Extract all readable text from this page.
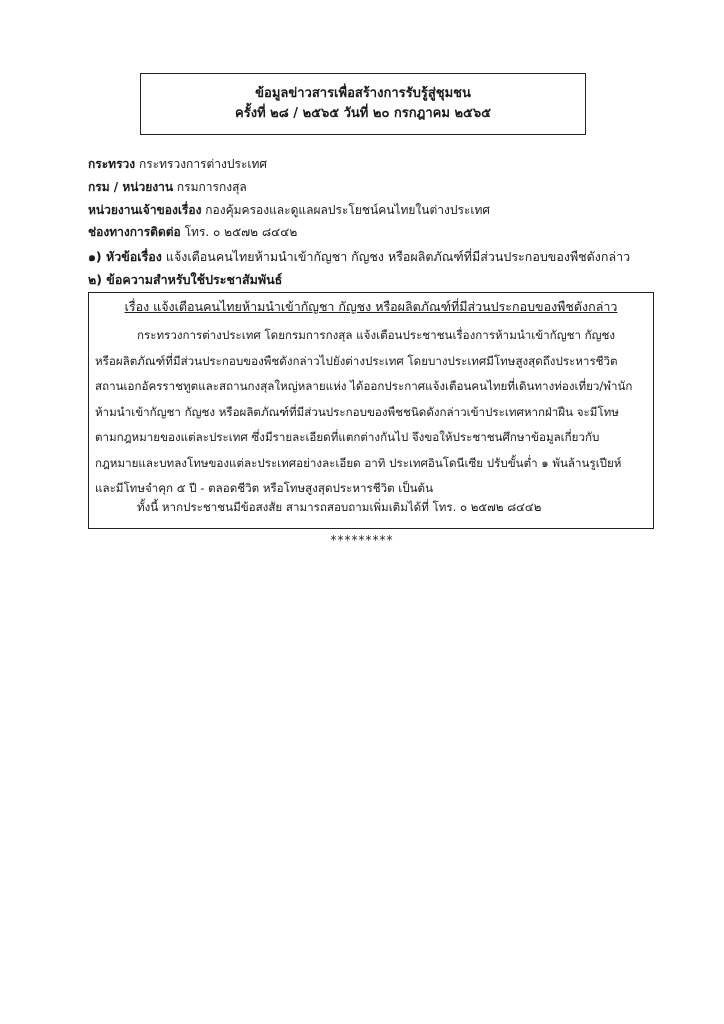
ข้อมูลข่าวสารเพื่อสร้างการรับรู้สู่ชุมชน
ครั้งที่ ๒๘ / ๒๕๖๕ วันที่ ๒๐ กรกฎาคม ๒๕๖๕
กระทรวง กระทรวงการต่างประเทศ
กรม / หน่วยงาน กรมการกงสุล
หน่วยงานเจ้าของเรื่อง กองคุ้มครองและดูแลผลประโยชน์คนไทยในต่างประเทศ
ช่องทางการติดต่อ โทร. ๐ ๒๕๗๒ ๘๔๔๒
๑) หัวข้อเรื่อง แจ้งเตือนคนไทยห้ามนำเข้ากัญชา กัญชง หรือผลิตภัณฑ์ที่มีส่วนประกอบของพืชดังกล่าว
๒) ข้อความสำหรับใช้ประชาสัมพันธ์
เรื่อง แจ้งเตือนคนไทยห้ามนำเข้ากัญชา กัญชง หรือผลิตภัณฑ์ที่มีส่วนประกอบของพืชดังกล่าว
กระทรวงการต่างประเทศ โดยกรมการกงสุล แจ้งเตือนประชาชนเรื่องการห้ามนำเข้ากัญชา กัญชง
หรือผลิตภัณฑ์ที่มีส่วนประกอบของพืชดังกล่าวไปยังต่างประเทศ โดยบางประเทศมีโทษสูงสุดถึงประหารชีวิต
สถานเอกอัครราชทูตและสถานกงสุลใหญ่หลายแห่ง ได้ออกประกาศแจ้งเตือนคนไทยที่เดินทางท่องเที่ยว/พำนัก
ห้ามนำเข้ากัญชา กัญชง หรือผลิตภัณฑ์ที่มีส่วนประกอบของพืชชนิดดังกล่าวเข้าประเทศหากฝ่าฝืน จะมีโทษ
ตามกฎหมายของแต่ละประเทศ ซึ่งมีรายละเอียดที่แตกต่างกันไป จึงขอให้ประชาชนศึกษาข้อมูลเกี่ยวกับ
กฎหมายและบทลงโทษของแต่ละประเทศอย่างละเอียด อาทิ ประเทศอินโดนีเซีย ปรับขั้นต่ำ ๑ พันล้านรูเปียห์
และมีโทษจำคุก ๕ ปี - ตลอดชีวิต หรือโทษสูงสุดประหารชีวิต เป็นต้น
ทั้งนี้ หากประชาชนมีข้อสงสัย สามารถสอบถามเพิ่มเติมได้ที่ โทร. ๐ ๒๕๗๒ ๘๔๔๒
*********
